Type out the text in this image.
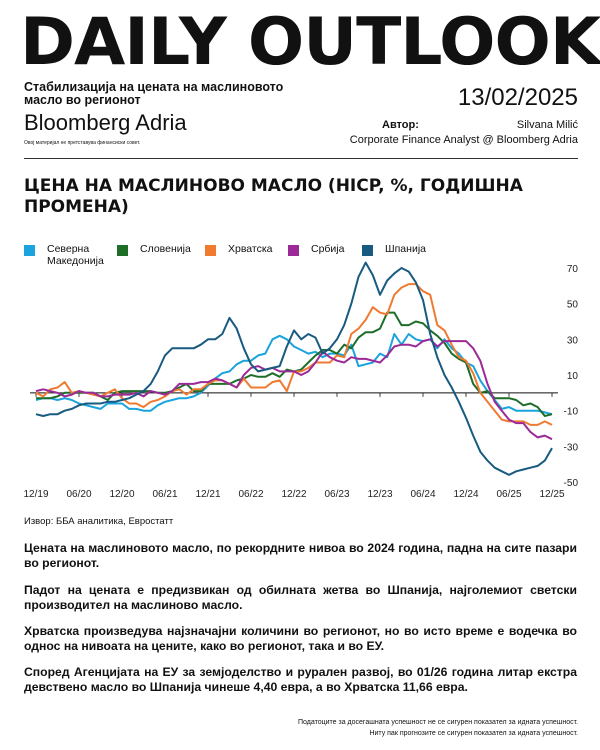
DAILY OUTLOOK
Стабилизација на цената на маслиновото масло во регионот	13/02/2025
Bloomberg Adria
Овој материјал не претставува финансиски совет.
Автор:	Silvana Milić
Corporate Finance Analyst @ Bloomberg Adria
ЦЕНА НА МАСЛИНОВО МАСЛО (HICP, %, ГОДИШНА ПРОМЕНА)
Северна Македонија
Словенија	Хрватска	Србија	Шпанија
12/19 06/20 12/20 06/21 12/21 06/22 12/22 06/23 12/23 06/24 12/24 06/25 12/25
70
50
30
10
-10
-30
-50
Извор: ББА аналитика, Евростатт
Цената на маслиновото масло, по рекордните нивоа во 2024 година, падна на сите пазари во регионот.
Падот на цената е предизвикан од обилната жетва во Шпанија, најголемиот светски производител на маслиново масло.
Хрватска произведува најзначајни количини во регионот, но во исто време е водечка во однос на нивоата на цените, како во регионот, така и во ЕУ.
Според Агенцијата на ЕУ за земјоделство и рурален развој, во 01/26 година литар екстра девствено масло во Шпанија чинеше 4,40 евра, а во Хрватска 11,66 евра.
Податоците за досегашната успешност не се сигурен показател за идната успешност.
Ниту пак прогнозите се сигурен показател за идната успешност.
